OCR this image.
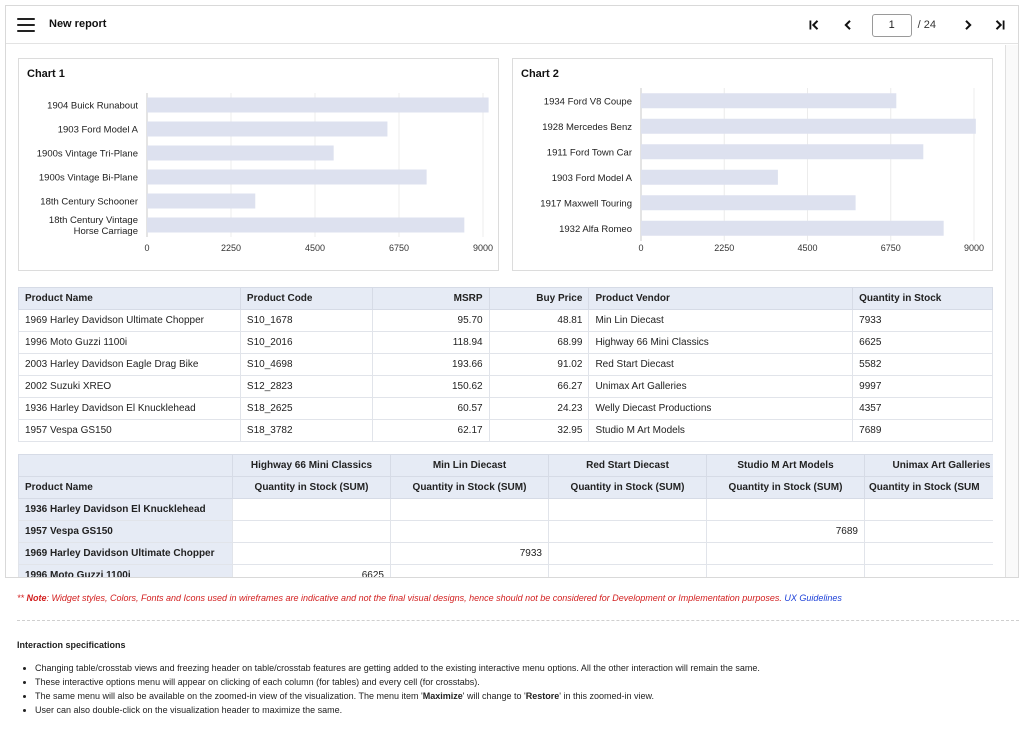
New report
1	/ 24
Chart 1
0	2250	4500	6750	9000
1904 Buick Runabout
1903 Ford Model A
1900s Vintage Tri-Plane
1900s Vintage Bi-Plane
18th Century Schooner
18th Century Vintage
Horse Carriage
Chart 2
0	2250	4500	6750	9000
1934 Ford V8 Coupe
1928 Mercedes Benz
1911 Ford Town Car
1903 Ford Model A
1917 Maxwell Touring
1932 Alfa Romeo
Product Name	Product Code	MSRP	Buy Price	Product Vendor	Quantity in Stock
1969 Harley Davidson Ultimate Chopper	S10_1678	95.70	48.81	Min Lin Diecast	7933
1996 Moto Guzzi 1100i	S10_2016	118.94	68.99	Highway 66 Mini Classics	6625
2003 Harley Davidson Eagle Drag Bike	S10_4698	193.66	91.02	Red Start Diecast	5582
2002 Suzuki XREO	S12_2823	150.62	66.27	Unimax Art Galleries	9997
1936 Harley Davidson El Knucklehead	S18_2625	60.57	24.23	Welly Diecast Productions	4357
1957 Vespa GS150	S18_3782	62.17	32.95	Studio M Art Models	7689
	Highway 66 Mini Classics	Min Lin Diecast	Red Start Diecast	Studio M Art Models	Unimax Art Galleries
Product Name	Quantity in Stock (SUM)	Quantity in Stock (SUM)	Quantity in Stock (SUM)	Quantity in Stock (SUM)	Quantity in Stock (SUM
1936 Harley Davidson El Knucklehead					
1957 Vespa GS150				7689	
1969 Harley Davidson Ultimate Chopper		7933			
1996 Moto Guzzi 1100i	6625				
** Note: Widget styles, Colors, Fonts and Icons used in wireframes are indicative and not the final visual designs, hence should not be considered for Development or Implementation purposes. UX Guidelines
Interaction specifications
• Changing table/crosstab views and freezing header on table/crosstab features are getting added to the existing interactive menu options. All the other interaction will remain the same.
• These interactive options menu will appear on clicking of each column (for tables) and every cell (for crosstabs).
• The same menu will also be available on the zoomed-in view of the visualization. The menu item 'Maximize' will change to 'Restore' in this zoomed-in view.
• User can also double-click on the visualization header to maximize the same.
